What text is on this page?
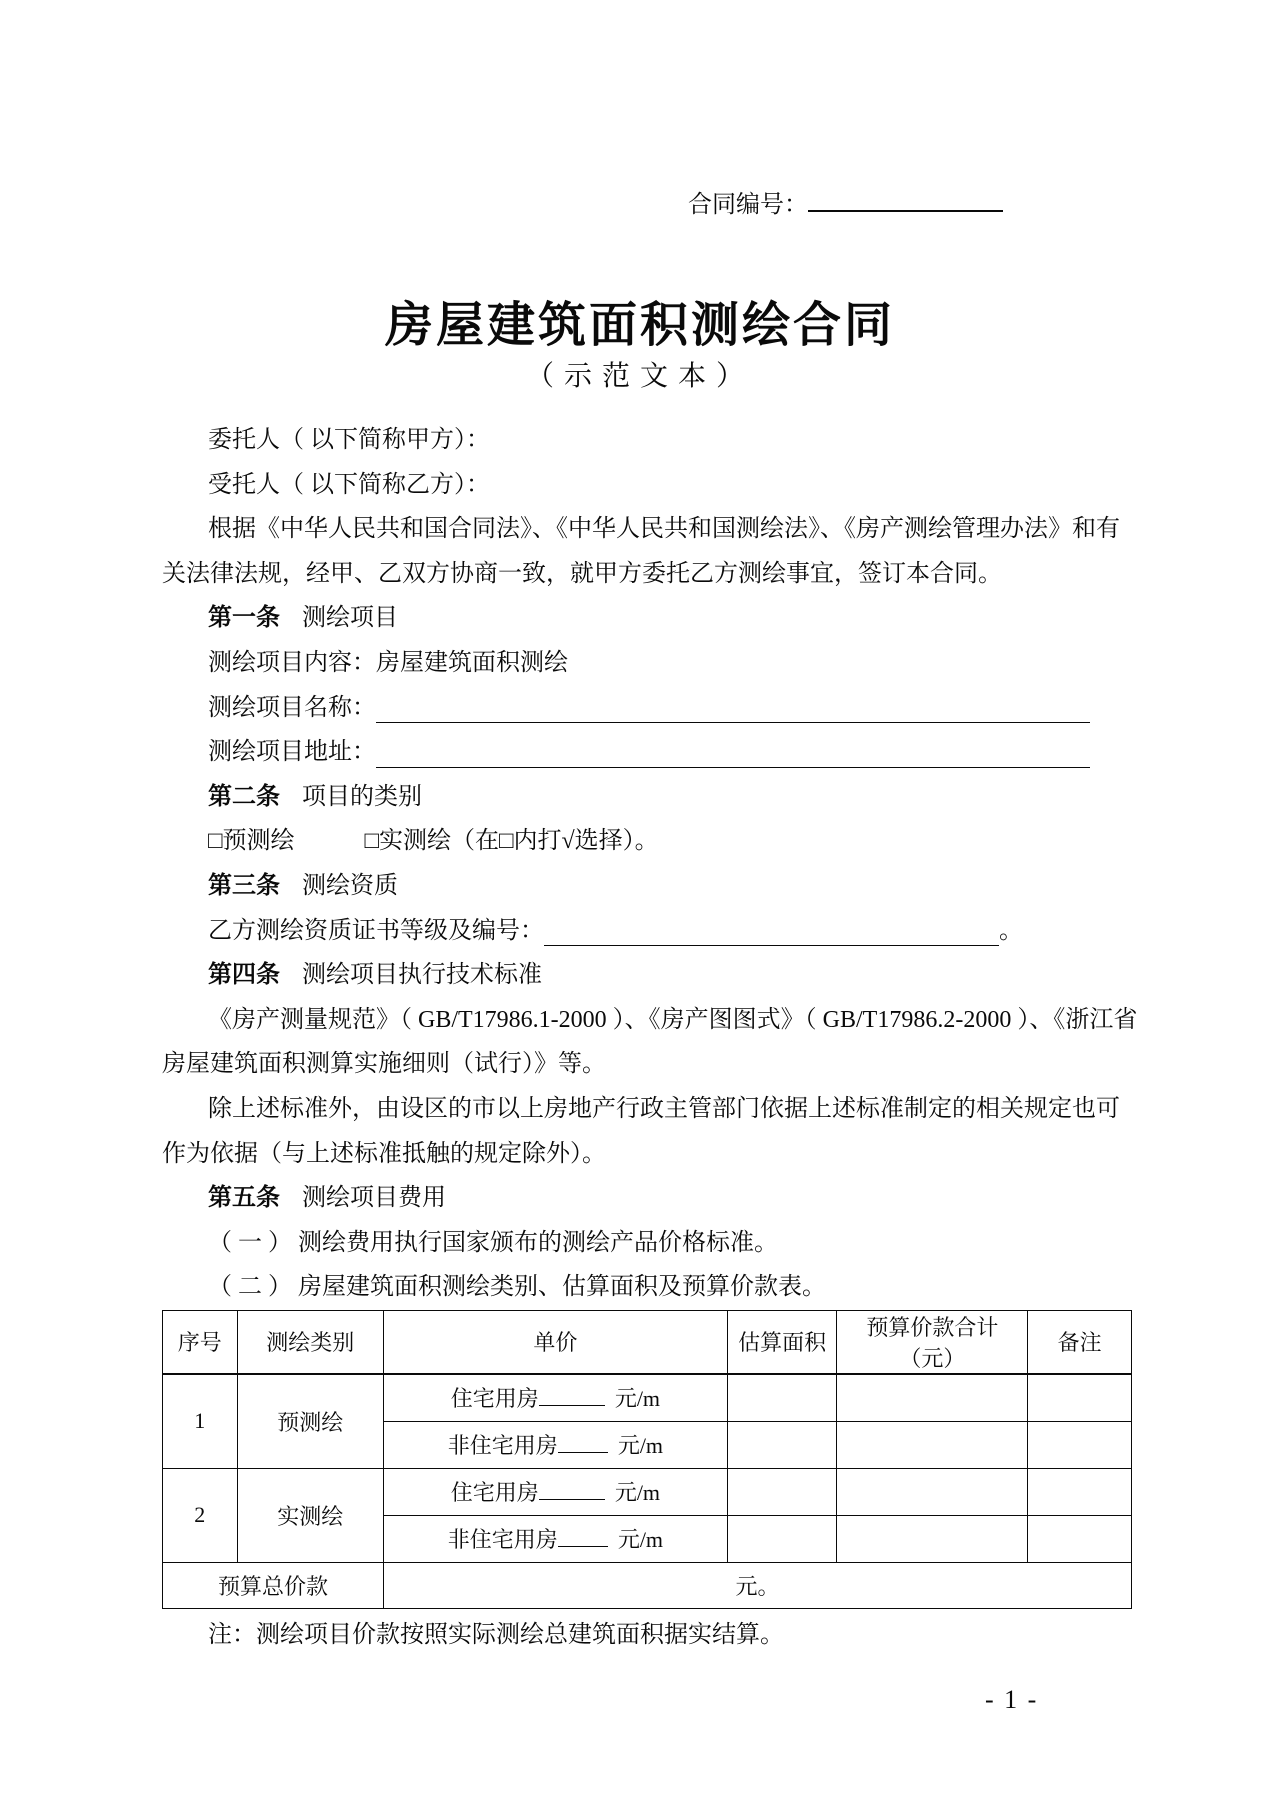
合同编号：
房屋建筑面积测绘合同
（示范文本）
委托人（ 以下简称甲方）：
受托人（ 以下简称乙方）：
根据《中华人民共和国合同法》、《中华人民共和国测绘法》、《房产测绘管理办法》和有
关法律法规，经甲、乙双方协商一致，就甲方委托乙方测绘事宜，签订本合同。
第一条 测绘项目
测绘项目内容：房屋建筑面积测绘
测绘项目名称：
测绘项目地址：
第二条 项目的类别
□预测绘	□实测绘（在□内打√选择）。
第三条 测绘资质
乙方测绘资质证书等级及编号：	。
第四条 测绘项目执行技术标准
《房产测量规范》（ GB/T17986.1-2000 ）、《房产图图式》（ GB/T17986.2-2000 ）、《浙江省
房屋建筑面积测算实施细则（试行）》等。
除上述标准外，由设区的市以上房地产行政主管部门依据上述标准制定的相关规定也可
作为依据（与上述标准抵触的规定除外）。
第五条 测绘项目费用
（ 一 ） 测绘费用执行国家颁布的测绘产品价格标准。
（ 二 ） 房屋建筑面积测绘类别、估算面积及预算价款表。
序号	测绘类别	单价	估算面积	预算价款合计 （元）	备注
1	预测绘	住宅用房 元/m			
		非住宅用房 元/m			
2	实测绘	住宅用房 元/m			
		非住宅用房 元/m			
预算总价款		元。			
注：测绘项目价款按照实际测绘总建筑面积据实结算。
- 1 -
